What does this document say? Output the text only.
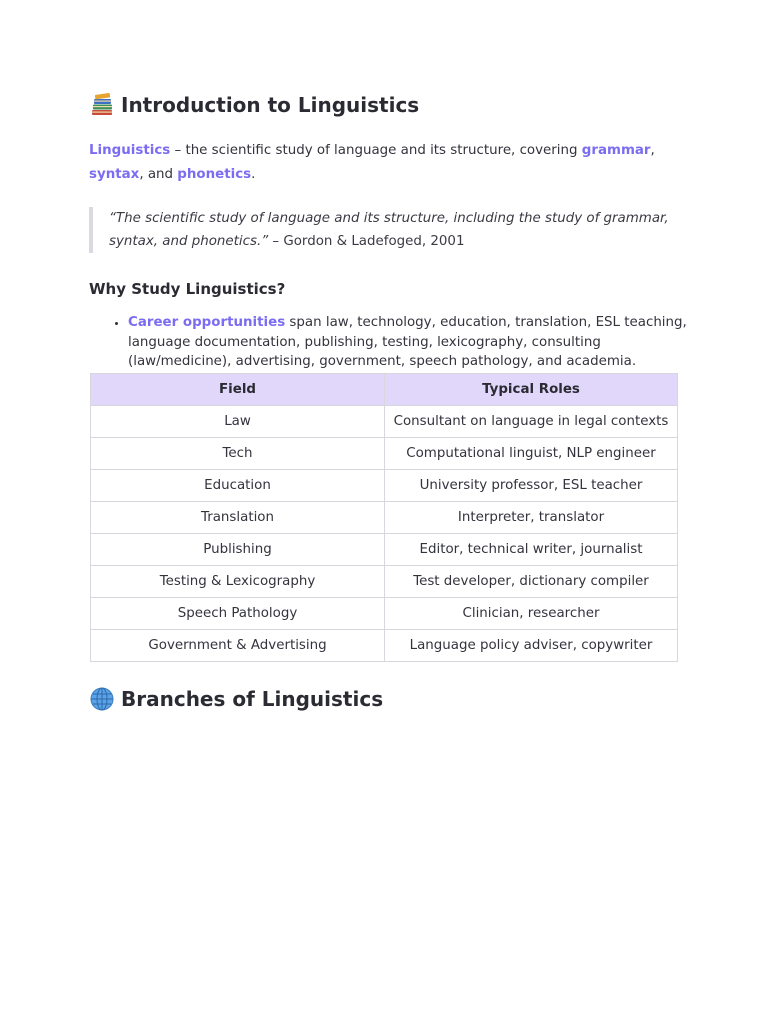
Introduction to Linguistics

Linguistics – the scientific study of language and its structure, covering grammar, syntax, and phonetics.

“The scientific study of language and its structure, including the study of grammar, syntax, and phonetics.” – Gordon & Ladefoged, 2001
Why Study Linguistics?
• Career opportunities span law, technology, education, translation, ESL teaching, language documentation, publishing, testing, lexicography, consulting (law/medicine), advertising, government, speech pathology, and academia.
Field	Typical Roles
Law	Consultant on language in legal contexts
Tech	Computational linguist, NLP engineer
Education	University professor, ESL teacher
Translation	Interpreter, translator
Publishing	Editor, technical writer, journalist
Testing & Lexicography	Test developer, dictionary compiler
Speech Pathology	Clinician, researcher
Government & Advertising	Language policy adviser, copywriter
Branches of Linguistics
